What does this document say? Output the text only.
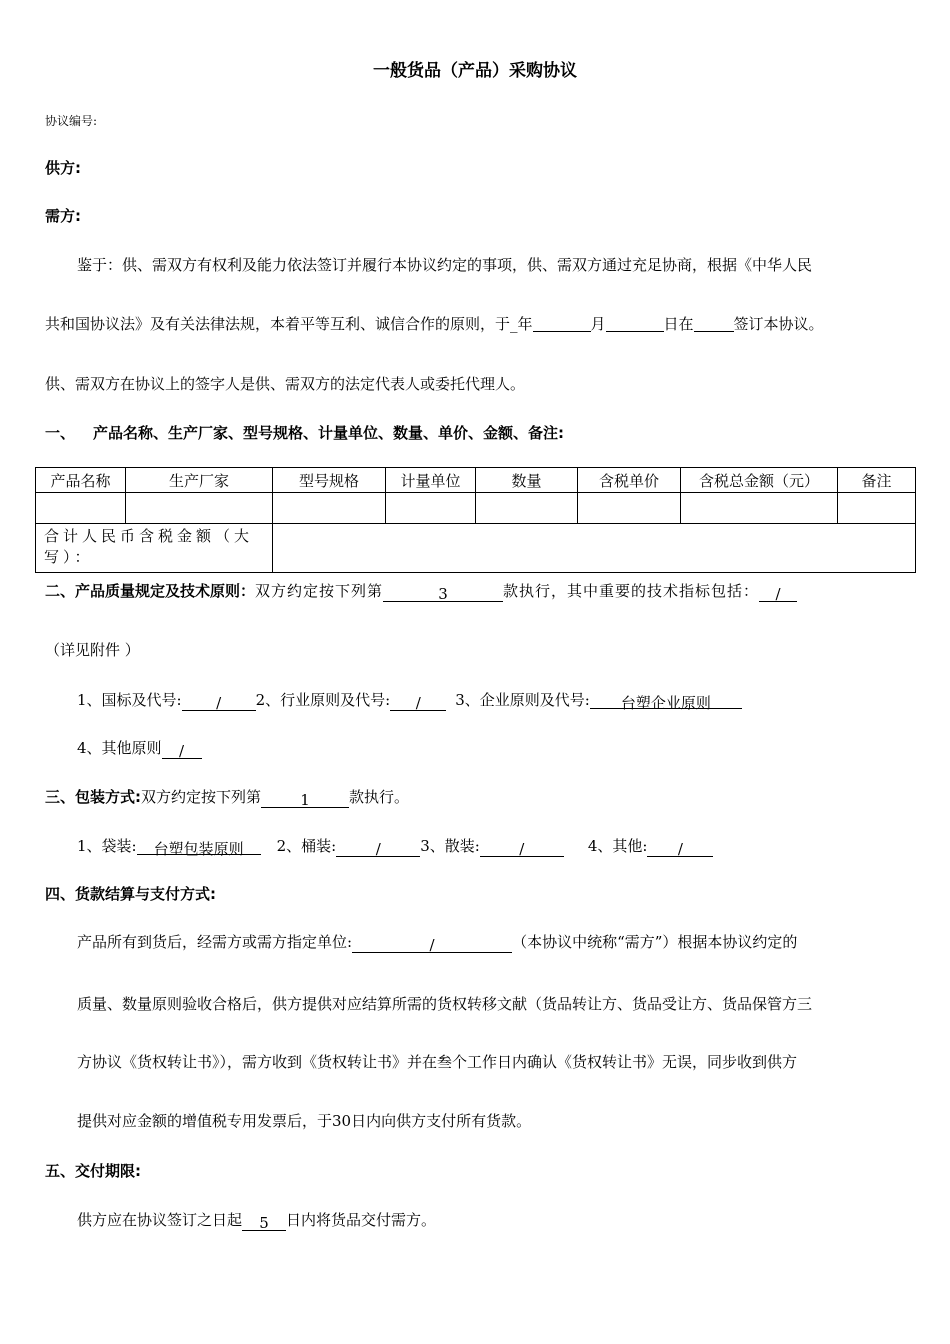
一般货品（产品）采购协议
协议编号:
供方:
需方:
鉴于：供、需双方有权利及能力依法签订并履行本协议约定的事项，供、需双方通过充足协商，根据《中华人民
共和国协议法》及有关法律法规，本着平等互利、诚信合作的原则，于_年	月	日在	签订本协议。
供、需双方在协议上的签字人是供、需双方的法定代表人或委托代理人。
一、 产品名称、生产厂家、型号规格、计量单位、数量、单价、金额、备注:
产品名称	生产厂家	型号规格	计量单位	数量	含税单价	含税总金额（元）	备注

合计人民币含税金额（大写）：							
二、产品质量规定及技术原则：双方约定按下列第	3	款执行，其中重要的技术指标包括： /
（详见附件 ）
1、国标及代号: / 2、行业原则及代号: / 3、企业原则及代号: 台塑企业原则
4、其他原则 /
三、包装方式:双方约定按下列第	1	款执行。
1、袋装: 台塑包装原则 2、桶装:	/	3、散装:	/	4、其他: /
四、货款结算与支付方式:
产品所有到货后，经需方或需方指定单位:	/	（本协议中统称“需方”）根据本协议约定的
质量、数量原则验收合格后，供方提供对应结算所需的货权转移文献（货品转让方、货品受让方、货品保管方三
方协议《货权转让书》），需方收到《货权转让书》并在叁个工作日内确认《货权转让书》无误，同步收到供方
提供对应金额的增值税专用发票后，于30日内向供方支付所有货款。
五、交付期限:
供方应在协议签订之日起 5 日内将货品交付需方。
